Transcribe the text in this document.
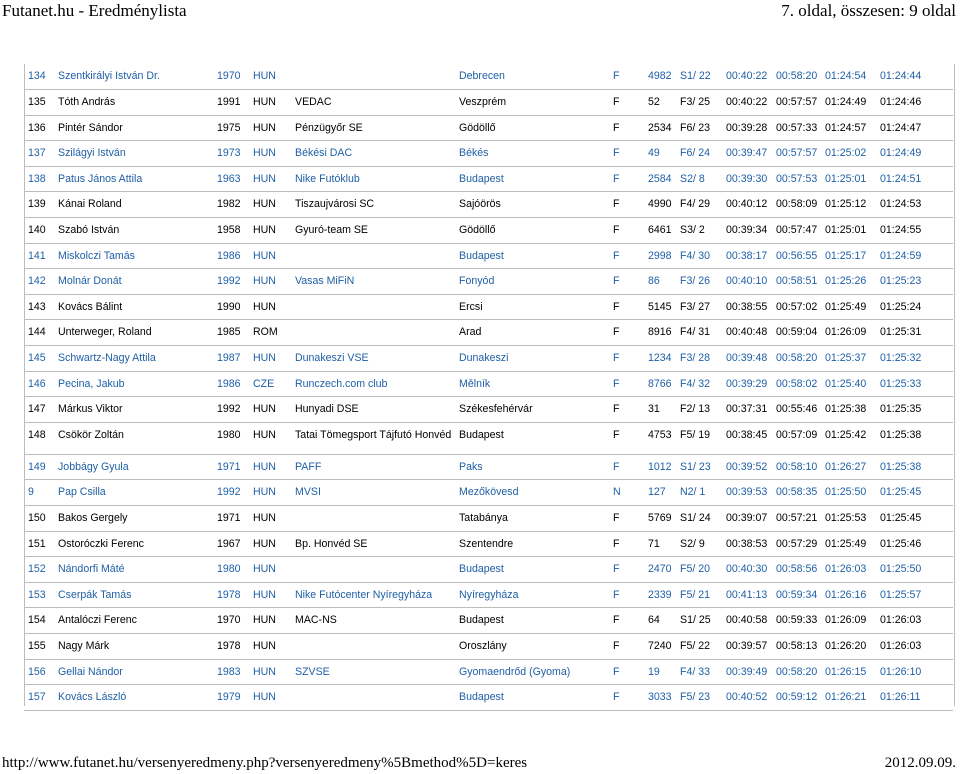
Futanet.hu - Eredménylista	7. oldal, összesen: 9 oldal
134	Szentkirályi István Dr.	1970	HUN		Debrecen	F	4982	S1/ 22	00:40:22	00:58:20	01:24:54	01:24:44
135	Tóth András	1991	HUN	VEDAC	Veszprém	F	52	F3/ 25	00:40:22	00:57:57	01:24:49	01:24:46
136	Pintér Sándor	1975	HUN	Pénzügyőr SE	Gödöllő	F	2534	F6/ 23	00:39:28	00:57:33	01:24:57	01:24:47
137	Szilágyi István	1973	HUN	Békési DAC	Békés	F	49	F6/ 24	00:39:47	00:57:57	01:25:02	01:24:49
138	Patus János Attila	1963	HUN	Nike Futóklub	Budapest	F	2584	S2/ 8	00:39:30	00:57:53	01:25:01	01:24:51
139	Kánai Roland	1982	HUN	Tiszaujvárosi SC	Sajóörös	F	4990	F4/ 29	00:40:12	00:58:09	01:25:12	01:24:53
140	Szabó István	1958	HUN	Gyuró-team SE	Gödöllő	F	6461	S3/ 2	00:39:34	00:57:47	01:25:01	01:24:55
141	Miskolczi Tamás	1986	HUN		Budapest	F	2998	F4/ 30	00:38:17	00:56:55	01:25:17	01:24:59
142	Molnár Donát	1992	HUN	Vasas MiFiN	Fonyód	F	86	F3/ 26	00:40:10	00:58:51	01:25:26	01:25:23
143	Kovács Bálint	1990	HUN		Ercsi	F	5145	F3/ 27	00:38:55	00:57:02	01:25:49	01:25:24
144	Unterweger, Roland	1985	ROM		Arad	F	8916	F4/ 31	00:40:48	00:59:04	01:26:09	01:25:31
145	Schwartz-Nagy Attila	1987	HUN	Dunakeszi VSE	Dunakeszi	F	1234	F3/ 28	00:39:48	00:58:20	01:25:37	01:25:32
146	Pecina, Jakub	1986	CZE	Runczech.com club	Mělník	F	8766	F4/ 32	00:39:29	00:58:02	01:25:40	01:25:33
147	Márkus Viktor	1992	HUN	Hunyadi DSE	Székesfehérvár	F	31	F2/ 13	00:37:31	00:55:46	01:25:38	01:25:35
148	Csökör Zoltán	1980	HUN	Tatai Tömegsport Tájfutó Honvéd	Budapest	F	4753	F5/ 19	00:38:45	00:57:09	01:25:42	01:25:38
149	Jobbágy Gyula	1971	HUN	PAFF	Paks	F	1012	S1/ 23	00:39:52	00:58:10	01:26:27	01:25:38
9	Pap Csilla	1992	HUN	MVSI	Mezőkövesd	N	127	N2/ 1	00:39:53	00:58:35	01:25:50	01:25:45
150	Bakos Gergely	1971	HUN		Tatabánya	F	5769	S1/ 24	00:39:07	00:57:21	01:25:53	01:25:45
151	Ostoróczki Ferenc	1967	HUN	Bp. Honvéd SE	Szentendre	F	71	S2/ 9	00:38:53	00:57:29	01:25:49	01:25:46
152	Nándorfi Máté	1980	HUN		Budapest	F	2470	F5/ 20	00:40:30	00:58:56	01:26:03	01:25:50
153	Cserpák Tamás	1978	HUN	Nike Futócenter Nyíregyháza	Nyíregyháza	F	2339	F5/ 21	00:41:13	00:59:34	01:26:16	01:25:57
154	Antalóczi Ferenc	1970	HUN	MAC-NS	Budapest	F	64	S1/ 25	00:40:58	00:59:33	01:26:09	01:26:03
155	Nagy Márk	1978	HUN		Oroszlány	F	7240	F5/ 22	00:39:57	00:58:13	01:26:20	01:26:03
156	Gellai Nándor	1983	HUN	SZVSE	Gyomaendrőd (Gyoma)	F	19	F4/ 33	00:39:49	00:58:20	01:26:15	01:26:10
157	Kovács László	1979	HUN		Budapest	F	3033	F5/ 23	00:40:52	00:59:12	01:26:21	01:26:11
http://www.futanet.hu/versenyeredmeny.php?versenyeredmeny%5Bmethod%5D=keres	2012.09.09.
